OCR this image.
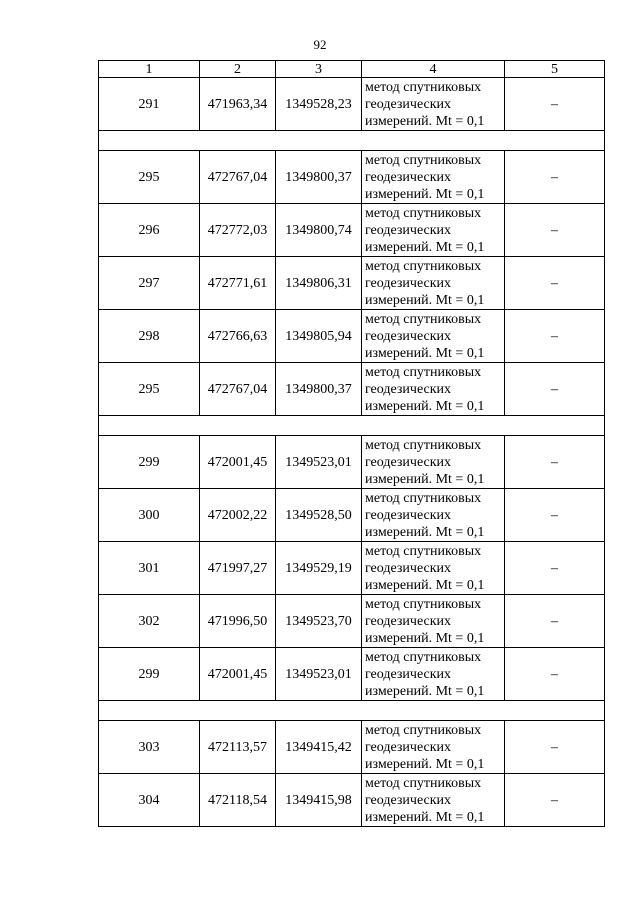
92
1	2	3	4	5
291	471963,34	1349528,23	метод спутниковых
геодезических
измерений. Mt = 0,1	–

295	472767,04	1349800,37	метод спутниковых
геодезических
измерений. Mt = 0,1	–
296	472772,03	1349800,74	метод спутниковых
геодезических
измерений. Mt = 0,1	–
297	472771,61	1349806,31	метод спутниковых
геодезических
измерений. Mt = 0,1	–
298	472766,63	1349805,94	метод спутниковых
геодезических
измерений. Mt = 0,1	–
295	472767,04	1349800,37	метод спутниковых
геодезических
измерений. Mt = 0,1	–

299	472001,45	1349523,01	метод спутниковых
геодезических
измерений. Mt = 0,1	–
300	472002,22	1349528,50	метод спутниковых
геодезических
измерений. Mt = 0,1	–
301	471997,27	1349529,19	метод спутниковых
геодезических
измерений. Mt = 0,1	–
302	471996,50	1349523,70	метод спутниковых
геодезических
измерений. Mt = 0,1	–
299	472001,45	1349523,01	метод спутниковых
геодезических
измерений. Mt = 0,1	–

303	472113,57	1349415,42	метод спутниковых
геодезических
измерений. Mt = 0,1	–
304	472118,54	1349415,98	метод спутниковых
геодезических
измерений. Mt = 0,1	–
